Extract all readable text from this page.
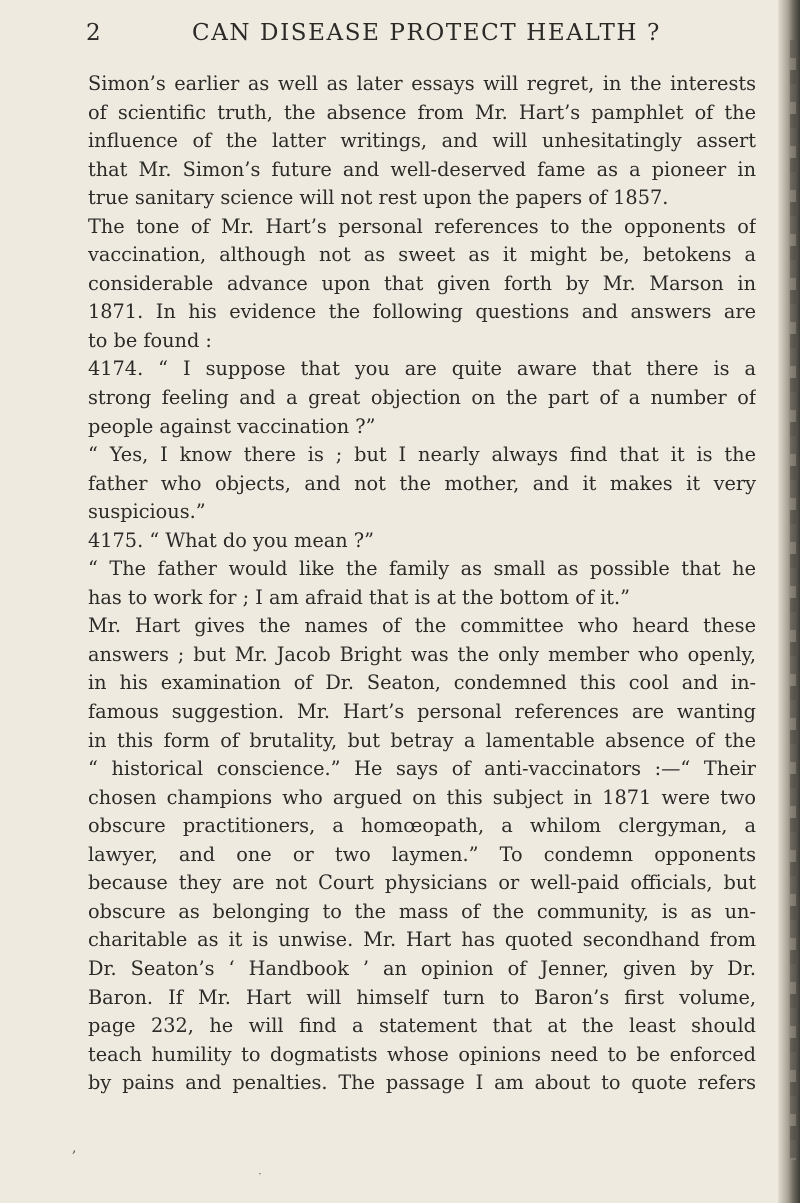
2	CAN DISEASE PROTECT HEALTH ?
Simon’s earlier as well as later essays will regret, in the interests
of scientific truth, the absence from Mr. Hart’s pamphlet of the
influence of the latter writings, and will unhesitatingly assert
that Mr. Simon’s future and well-deserved fame as a pioneer in
true sanitary science will not rest upon the papers of 1857.
The tone of Mr. Hart’s personal references to the opponents of
vaccination, although not as sweet as it might be, betokens a
considerable advance upon that given forth by Mr. Marson in
1871. In his evidence the following questions and answers are
to be found :
4174. “ I suppose that you are quite aware that there is a
strong feeling and a great objection on the part of a number of
people against vaccination ?”
“ Yes, I know there is ; but I nearly always find that it is the
father who objects, and not the mother, and it makes it very
suspicious.”
4175. “ What do you mean ?”
“ The father would like the family as small as possible that he
has to work for ; I am afraid that is at the bottom of it.”
Mr. Hart gives the names of the committee who heard these
answers ; but Mr. Jacob Bright was the only member who openly,
in his examination of Dr. Seaton, condemned this cool and in-
famous suggestion. Mr. Hart’s personal references are wanting
in this form of brutality, but betray a lamentable absence of the
“ historical conscience.” He says of anti-vaccinators :—“ Their
chosen champions who argued on this subject in 1871 were two
obscure practitioners, a homœopath, a whilom clergyman, a
lawyer, and one or two laymen.” To condemn opponents
because they are not Court physicians or well-paid officials, but
obscure as belonging to the mass of the community, is as un-
charitable as it is unwise. Mr. Hart has quoted secondhand from
Dr. Seaton’s ‘ Handbook ’ an opinion of Jenner, given by Dr.
Baron. If Mr. Hart will himself turn to Baron’s first volume,
page 232, he will find a statement that at the least should
teach humility to dogmatists whose opinions need to be enforced
by pains and penalties. The passage I am about to quote refers
,
·
